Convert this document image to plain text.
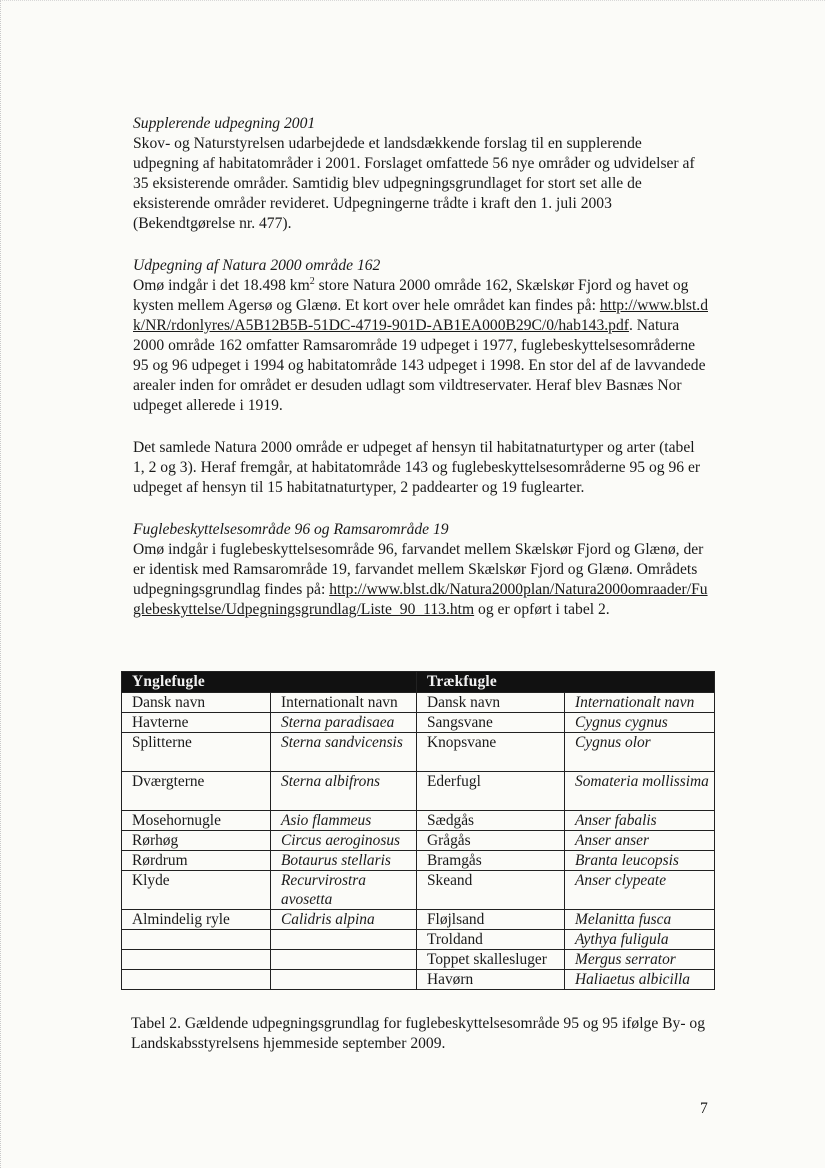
Supplerende udpegning 2001

Skov- og Naturstyrelsen udarbejdede et landsdækkende forslag til en supplerende udpegning af habitatområder i 2001. Forslaget omfattede 56 nye områder og udvidelser af 35 eksisterende områder. Samtidig blev udpegningsgrundlaget for stort set alle de eksisterende områder revideret. Udpegningerne trådte i kraft den 1. juli 2003 (Bekendtgørelse nr. 477).

Udpegning af Natura 2000 område 162

Omø indgår i det 18.498 $km^2$ store Natura 2000 område 162, Skælskør Fjord og havet og kysten mellem Agersø og Glænø. Et kort over hele området kan findes på: http://www.blst.dk/NR/rdonlyres/A5B12B5B-51DC-4719-901D-AB1EA000B29C/0/hab143.pdf. Natura 2000 område 162 omfatter Ramsarområde 19 udpeget i 1977, fuglebeskyttelsesområderne 95 og 96 udpeget i 1994 og habitatområde 143 udpeget i 1998. En stor del af de lavvandede arealer inden for området er desuden udlagt som vildtreservater. Heraf blev Basnæs Nor udpeget allerede i 1919.

Det samlede Natura 2000 område er udpeget af hensyn til habitatnaturtyper og arter (tabel 1, 2 og 3). Heraf fremgår, at habitatområde 143 og fuglebeskyttelsesområderne 95 og 96 er udpeget af hensyn til 15 habitatnaturtyper, 2 paddearter og 19 fuglearter.

Fuglebeskyttelsesområde 96 og Ramsarområde 19

Omø indgår i fuglebeskyttelsesområde 96, farvandet mellem Skælskør Fjord og Glænø, der er identisk med Ramsarområde 19, farvandet mellem Skælskør Fjord og Glænø. Områdets udpegningsgrundlag findes på: http://www.blst.dk/Natura2000plan/Natura2000omraader/Fuglebeskyttelse/Udpegningsgrundlag/Liste_90_113.htm og er opført i tabel 2.

Ynglefugle		Trækfugle	
Dansk navn	Internationalt navn	Dansk navn	Internationalt navn
Havterne	Sterna paradisaea	Sangsvane	Cygnus cygnus
Splitterne	Sterna sandvicensis	Knopsvane	Cygnus olor
Dværgterne	Sterna albifrons	Ederfugl	Somateria mollissima
Mosehornugle	Asio flammeus	Sædgås	Anser fabalis
Rørhøg	Circus aeroginosus	Grågås	Anser anser
Rørdrum	Botaurus stellaris	Bramgås	Branta leucopsis
Klyde	Recurvirostra avosetta	Skeand	Anser clypeate
Almindelig ryle	Calidris alpina	Fløjlsand	Melanitta fusca
		Troldand	Aythya fuligula
		Toppet skallesluger	Mergus serrator
		Havørn	Haliaetus albicilla
Tabel 2. Gældende udpegningsgrundlag for fuglebeskyttelsesområde 95 og 95 ifølge By- og Landskabsstyrelsens hjemmeside september 2009.
7
